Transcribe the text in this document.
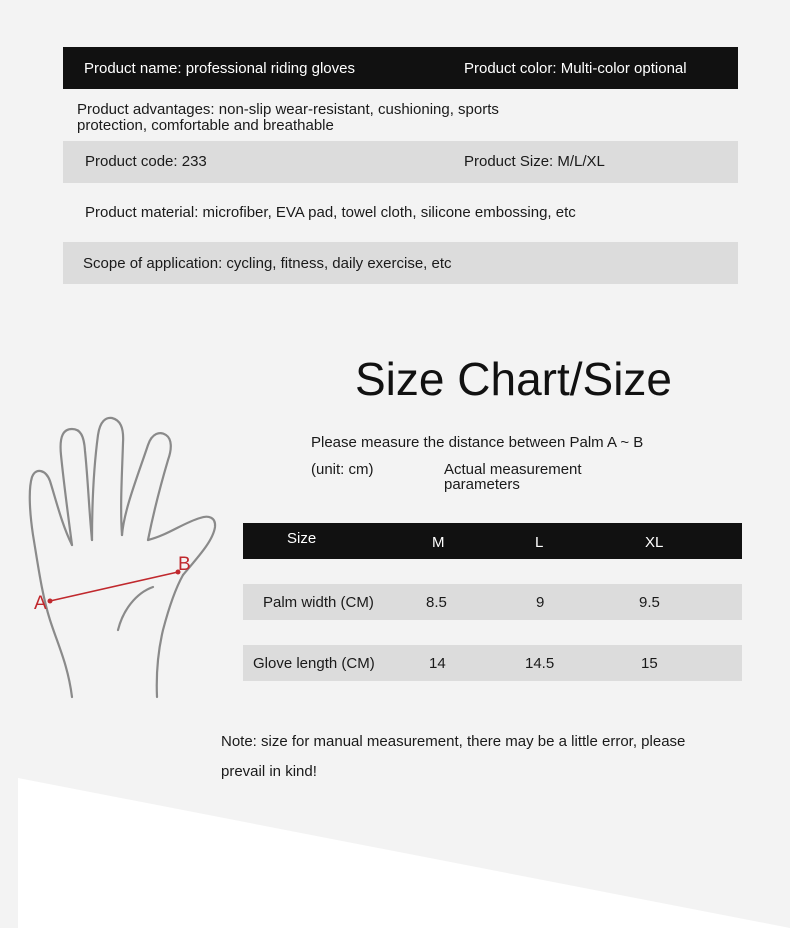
Product name: professional riding gloves	Product color: Multi-color optional
Product advantages: non-slip wear-resistant, cushioning, sports
protection, comfortable and breathable
Product code: 233	Product Size: M/L/XL
Product material: microfiber, EVA pad, towel cloth, silicone embossing, etc
Scope of application: cycling, fitness, daily exercise, etc
Size Chart/Size
Please measure the distance between Palm A ~ B
(unit: cm)	Actual measurement
parameters
A
B
Size	M	L	XL
Palm width (CM)	8.5	9	9.5
Glove length (CM)	14	14.5	15
Note: size for manual measurement, there may be a little error, please
prevail in kind!
